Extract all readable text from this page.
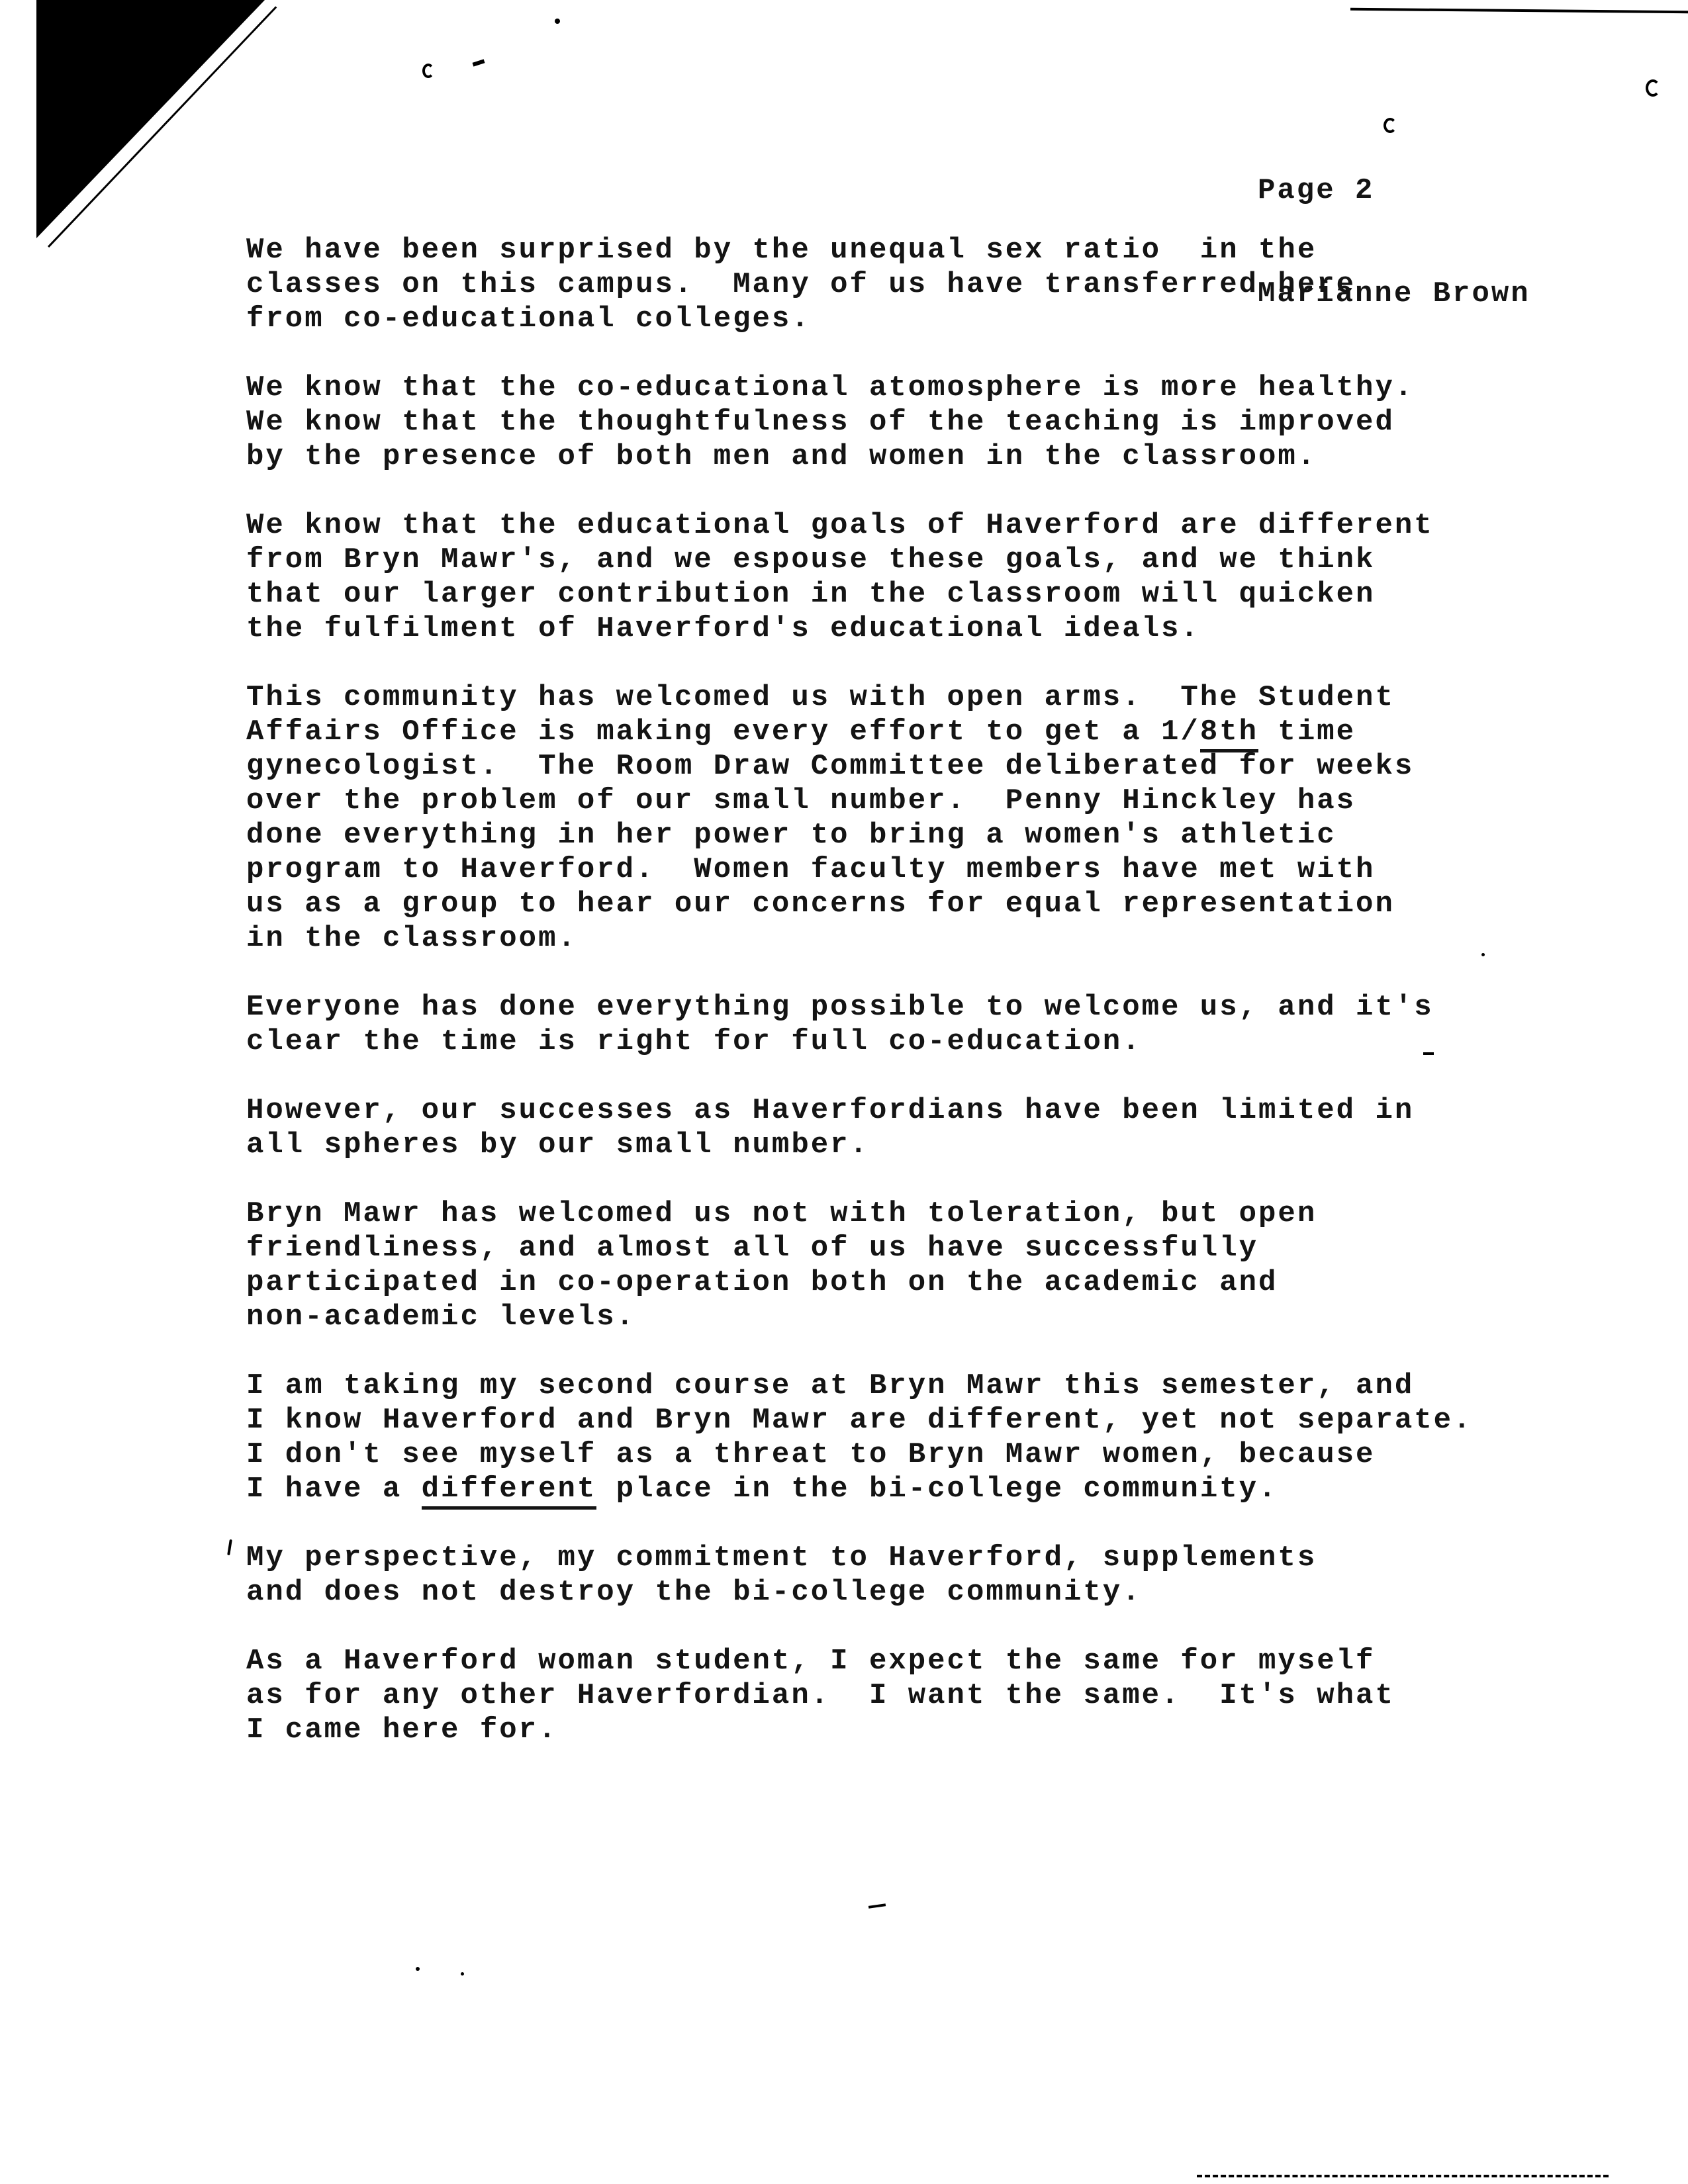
Page 2

Marianne Brown

We have been surprised by the unequal sex ratio  in the
classes on this campus.  Many of us have transferred here
from co-educational colleges.

We know that the co-educational atomosphere is more healthy.
We know that the thoughtfulness of the teaching is improved
by the presence of both men and women in the classroom.

We know that the educational goals of Haverford are different
from Bryn Mawr's, and we espouse these goals, and we think
that our larger contribution in the classroom will quicken
the fulfilment of Haverford's educational ideals.

This community has welcomed us with open arms.  The Student
Affairs Office is making every effort to get a 1/8th time
gynecologist.  The Room Draw Committee deliberated for weeks
over the problem of our small number.  Penny Hinckley has
done everything in her power to bring a women's athletic
program to Haverford.  Women faculty members have met with
us as a group to hear our concerns for equal representation
in the classroom.

Everyone has done everything possible to welcome us, and it's
clear the time is right for full co-education.

However, our successes as Haverfordians have been limited in
all spheres by our small number.

Bryn Mawr has welcomed us not with toleration, but open
friendliness, and almost all of us have successfully
participated in co-operation both on the academic and
non-academic levels.

I am taking my second course at Bryn Mawr this semester, and
I know Haverford and Bryn Mawr are different, yet not separate.
I don't see myself as a threat to Bryn Mawr women, because
I have a different place in the bi-college community.

My perspective, my commitment to Haverford, supplements
and does not destroy the bi-college community.

As a Haverford woman student, I expect the same for myself
as for any other Haverfordian.  I want the same.  It's what
I came here for.
